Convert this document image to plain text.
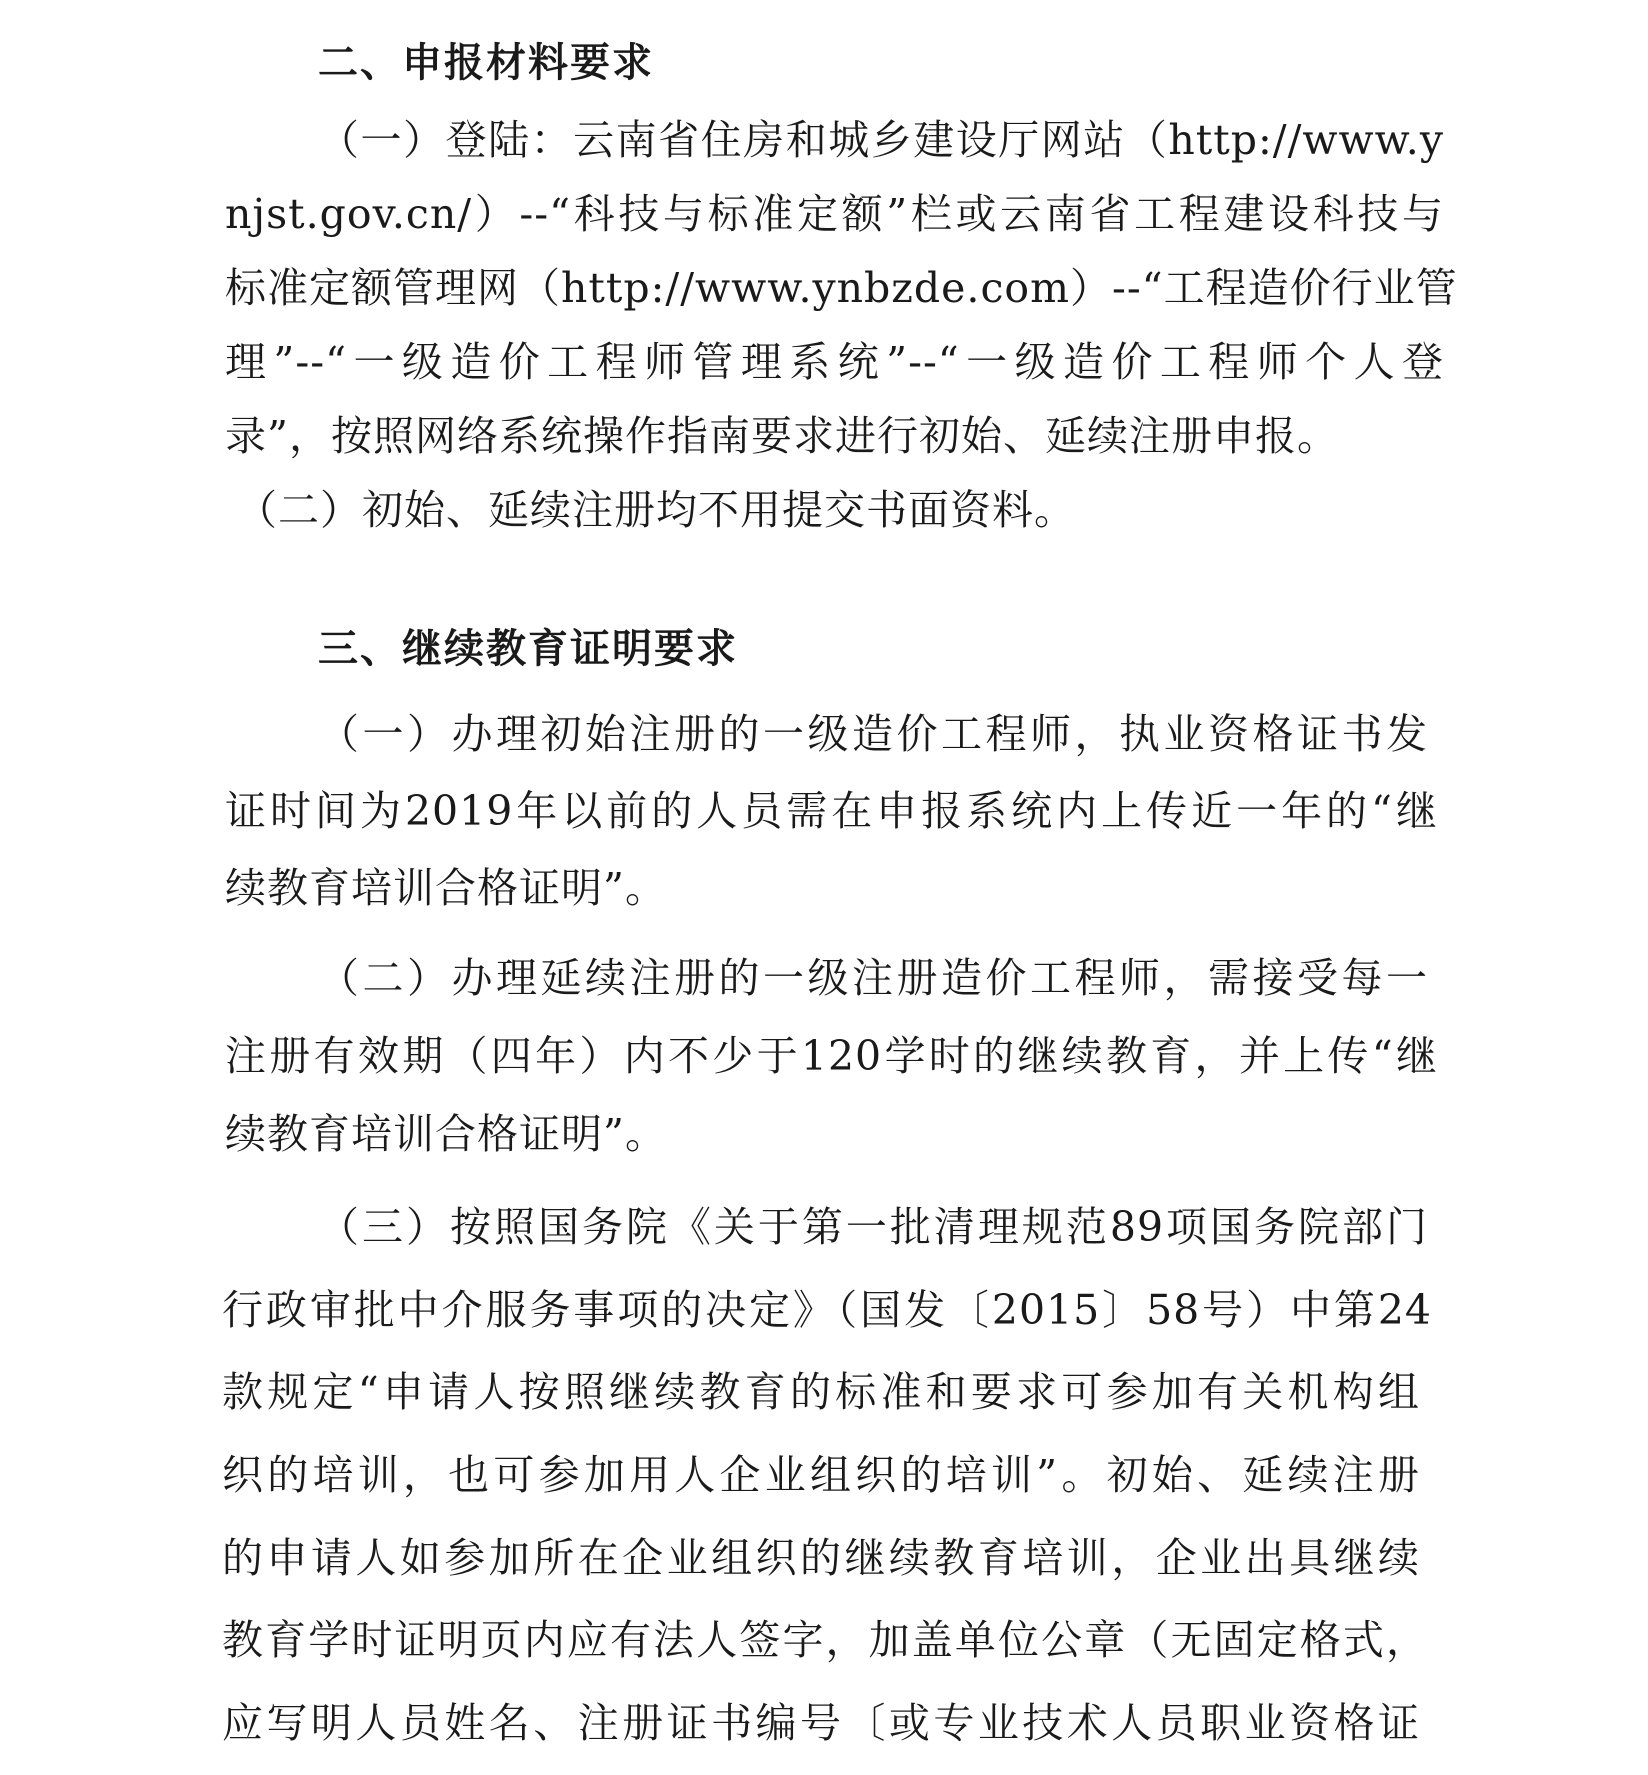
二、申报材料要求
（一）登陆：云南省住房和城乡建设厅网站（http://www.y
njst.gov.cn/）--“科技与标准定额”栏或云南省工程建设科技与
标准定额管理网（http://www.ynbzde.com）--“工程造价行业管
理”--“一级造价工程师管理系统”--“一级造价工程师个人登
录”，按照网络系统操作指南要求进行初始、延续注册申报。
（二）初始、延续注册均不用提交书面资料。
三、继续教育证明要求
（一）办理初始注册的一级造价工程师，执业资格证书发
证时间为2019年以前的人员需在申报系统内上传近一年的“继
续教育培训合格证明”。
（二）办理延续注册的一级注册造价工程师，需接受每一
注册有效期（四年）内不少于120学时的继续教育，并上传“继
续教育培训合格证明”。
（三）按照国务院《关于第一批清理规范89项国务院部门
行政审批中介服务事项的决定》（国发〔2015〕58号）中第24
款规定“申请人按照继续教育的标准和要求可参加有关机构组
织的培训，也可参加用人企业组织的培训”。初始、延续注册
的申请人如参加所在企业组织的继续教育培训，企业出具继续
教育学时证明页内应有法人签字，加盖单位公章（无固定格式，
应写明人员姓名、注册证书编号〔或专业技术人员职业资格证
